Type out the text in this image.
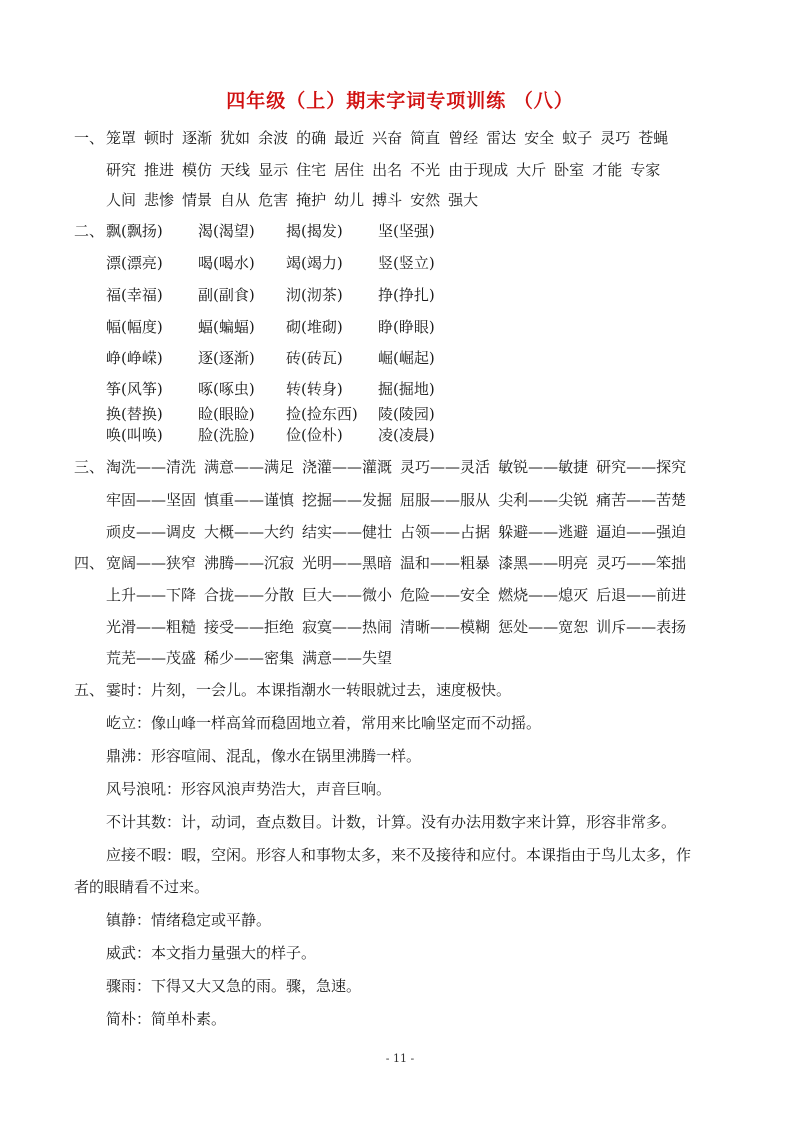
四年级（上）期末字词专项训练 （八）
一、 笼罩 顿时 逐渐 犹如 余波 的确 最近 兴奋 简直 曾经 雷达 安全 蚊子 灵巧 苍蝇
研究 推进 模仿 天线 显示 住宅 居住 出名 不光 由于现成 大斤 卧室 才能 专家
人间 悲惨 情景 自从 危害 掩护 幼儿 搏斗 安然 强大
二、 飘(飘扬) 渴(渴望) 揭(揭发) 坚(坚强)
漂(漂亮) 喝(喝水) 竭(竭力) 竖(竖立)
福(幸福) 副(副食) 沏(沏茶) 挣(挣扎)
幅(幅度) 蝠(蝙蝠) 砌(堆砌) 睁(睁眼)
峥(峥嵘) 逐(逐渐) 砖(砖瓦) 崛(崛起)
筝(风筝) 啄(啄虫) 转(转身) 掘(掘地)
换(替换) 睑(眼睑) 捡(捡东西) 陵(陵园)
唤(叫唤) 脸(洗脸) 俭(俭朴) 凌(凌晨)
三、 淘洗——清洗 满意——满足 浇灌——灌溉 灵巧——灵活 敏锐——敏捷 研究——探究
牢固——坚固 慎重——谨慎 挖掘——发掘 屈服——服从 尖利——尖锐 痛苦——苦楚
顽皮——调皮 大概——大约 结实——健壮 占领——占据 躲避——逃避 逼迫——强迫
四、 宽阔——狭窄 沸腾——沉寂 光明——黑暗 温和——粗暴 漆黑——明亮 灵巧——笨拙
上升——下降 合拢——分散 巨大——微小 危险——安全 燃烧——熄灭 后退——前进
光滑——粗糙 接受——拒绝 寂寞——热闹 清晰——模糊 惩处——宽恕 训斥——表扬
荒芜——茂盛 稀少——密集 满意——失望
五、 霎时：片刻，一会儿。本课指潮水一转眼就过去，速度极快。
屹立：像山峰一样高耸而稳固地立着，常用来比喻坚定而不动摇。
鼎沸：形容喧闹、混乱，像水在锅里沸腾一样。
风号浪吼：形容风浪声势浩大，声音巨响。
不计其数：计，动词，查点数目。计数，计算。没有办法用数字来计算，形容非常多。
应接不暇：暇，空闲。形容人和事物太多，来不及接待和应付。本课指由于鸟儿太多，作
者的眼睛看不过来。
镇静：情绪稳定或平静。
威武：本文指力量强大的样子。
骤雨：下得又大又急的雨。骤，急速。
简朴：简单朴素。
- 11 -
